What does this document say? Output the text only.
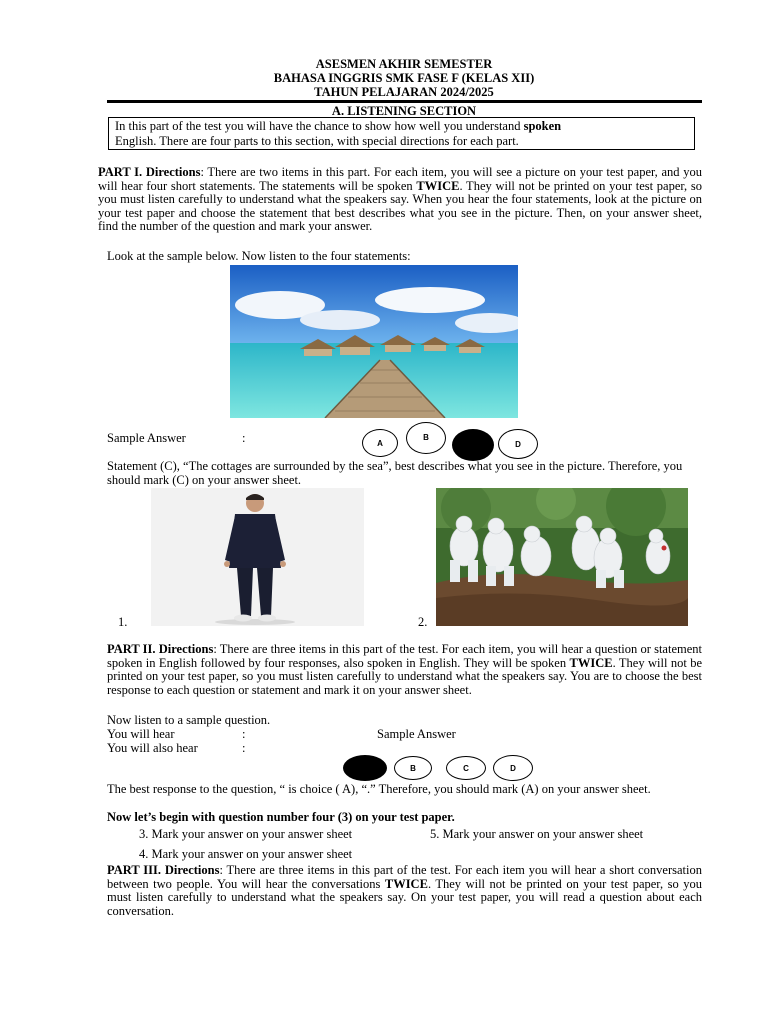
ASESMEN AKHIR SEMESTER
BAHASA INGGRIS SMK FASE F (KELAS XII)
TAHUN PELAJARAN 2024/2025
A. LISTENING SECTION
In this part of the test you will have the chance to show how well you understand spoken
English. There are four parts to this section, with special directions for each part.
PART I. Directions: There are two items in this part. For each item, you will see a picture on your test paper, and you will hear four short statements. The statements will be spoken TWICE. They will not be printed on your test paper, so you must listen carefully to understand what the speakers say. When you hear the four statements, look at the picture on your test paper and choose the statement that best describes what you see in the picture. Then, on your answer sheet, find the number of the question and mark your answer.
Look at the sample below. Now listen to the four statements:
Sample Answer	:	A
B
D
Statement (C), “The cottages are surrounded by the sea”, best describes what you see in the picture. Therefore, you should mark (C) on your answer sheet.
1.	2.
PART II. Directions: There are three items in this part of the test. For each item, you will hear a question or statement spoken in English followed by four responses, also spoken in English. They will be spoken TWICE. They will not be printed on your test paper, so you must listen carefully to understand what the speakers say. You are to choose the best response to each question or statement and mark it on your answer sheet.
Now listen to a sample question.
You will hear	:	Sample Answer
You will also hear	:
B	C	D
The best response to the question, “ is choice ( A), “.” Therefore, you should mark (A) on your answer sheet.
Now let’s begin with question number four (3) on your test paper.
3. Mark your answer on your answer sheet	5. Mark your answer on your answer sheet
4. Mark your answer on your answer sheet
PART III. Directions: There are three items in this part of the test. For each item you will hear a short conversation between two people. You will hear the conversations TWICE. They will not be printed on your test paper, so you must listen carefully to understand what the speakers say. On your test paper, you will read a question about each conversation.
